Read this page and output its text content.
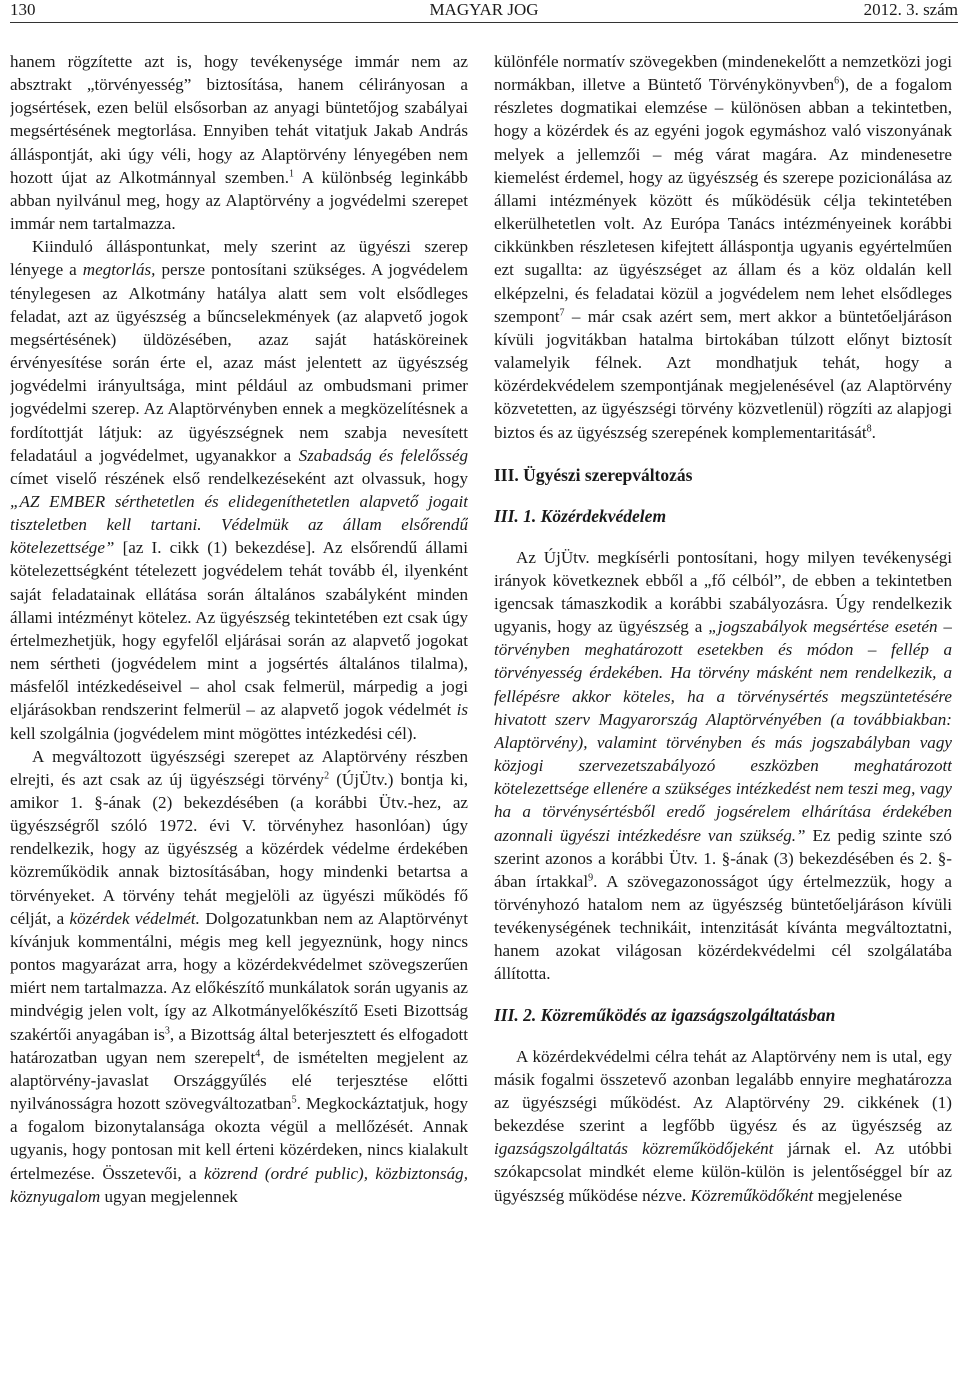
130	MAGYAR JOG	2012. 3. szám

hanem rögzítette azt is, hogy tevékenysége immár nem az absztrakt „törvényesség” biztosítása, hanem célirányosan a jogsértések, ezen belül elsősorban az anyagi büntetőjog szabályai megsértésének megtorlása. Ennyiben tehát vitatjuk Jakab András álláspontját, aki úgy véli, hogy az Alaptörvény lényegében nem hozott újat az Alkotmánnyal szemben.$^1$ A különbség leginkább abban nyilvánul meg, hogy az Alaptörvény a jogvédelmi szerepet immár nem tartalmazza.

Kiinduló álláspontunkat, mely szerint az ügyészi szerep lényege a megtorlás, persze pontosítani szükséges. A jogvédelem ténylegesen az Alkotmány hatálya alatt sem volt elsődleges feladat, azt az ügyészség a bűncselekmények (az alapvető jogok megsértésének) üldözésében, azaz saját hatásköreinek érvényesítése során érte el, azaz mást jelentett az ügyészség jogvédelmi irányultsága, mint például az ombudsmani primer jogvédelmi szerep. Az Alaptörvényben ennek a megközelítésnek a fordítottját látjuk: az ügyészségnek nem szabja nevesített feladatául a jogvédelmet, ugyanakkor a Szabadság és felelősség címet viselő részének első rendelkezéseként azt olvassuk, hogy „AZ EMBER sérthetetlen és elidegeníthetetlen alapvető jogait tiszteletben kell tartani. Védelmük az állam elsőrendű kötelezettsége” [az I. cikk (1) bekezdése]. Az elsőrendű állami kötelezettségként tételezett jogvédelem tehát tovább él, ilyenként saját feladatainak ellátása során általános szabályként minden állami intézményt kötelez. Az ügyészség tekintetében ezt csak úgy értelmezhetjük, hogy egyfelől eljárásai során az alapvető jogokat nem sértheti (jogvédelem mint a jogsértés általános tilalma), másfelől intézkedéseivel – ahol csak felmerül, márpedig a jogi eljárásokban rendszerint felmerül – az alapvető jogok védelmét is kell szolgálnia (jogvédelem mint mögöttes intézkedési cél).

A megváltozott ügyészségi szerepet az Alaptörvény részben elrejti, és azt csak az új ügyészségi törvény$^2$ (ÚjÜtv.) bontja ki, amikor 1. §-ának (2) bekezdésében (a korábbi Ütv.-hez, az ügyészségről szóló 1972. évi V. törvényhez hasonlóan) úgy rendelkezik, hogy az ügyészség a közérdek védelme érdekében közreműködik annak biztosításában, hogy mindenki betartsa a törvényeket. A törvény tehát megjelöli az ügyészi működés fő célját, a közérdek védelmét. Dolgozatunkban nem az Alaptörvényt kívánjuk kommentálni, mégis meg kell jegyeznünk, hogy nincs pontos magyarázat arra, hogy a közérdekvédelmet szövegszerűen miért nem tartalmazza. Az előkészítő munkálatok során ugyanis az mindvégig jelen volt, így az Alkotmányelőkészítő Eseti Bizottság szakértői anyagában $is^3$, a Bizottság által beterjesztett és elfogadott határozatban ugyan nem szerepelt$^4$, de ismételten megjelent az alaptörvény-javaslat Országgyűlés elé terjesztése előtti nyilvánosságra hozott szövegváltozatban$^5$. Megkockáztatjuk, hogy a fogalom bizonytalansága okozta végül a mellőzését. Annak ugyanis, hogy pontosan mit kell érteni közérdeken, nincs kialakult értelmezése. Összetevői, a közrend (ordré public), közbiztonság, köznyugalom ugyan megjelennek

különféle normatív szövegekben (mindenekelőtt a nemzetközi jogi normákban, illetve a Büntető Törvénykönyvben$^6$), de a fogalom részletes dogmatikai elemzése – különösen abban a tekintetben, hogy a közérdek és az egyéni jogok egymáshoz való viszonyának melyek a jellemzői – még várat magára. Az mindenesetre kiemelést érdemel, hogy az ügyészség és szerepe pozicionálása az állami intézmények között és működésük célja tekintetében elkerülhetetlen volt. Az Európa Tanács intézményeinek korábbi cikkünkben részletesen kifejtett álláspontja ugyanis egyértelműen ezt sugallta: az ügyészséget az állam és a köz oldalán kell elképzelni, és feladatai közül a jogvédelem nem lehet elsődleges szempont$^7$ – már csak azért sem, mert akkor a büntetőeljáráson kívüli jogvitákban hatalma birtokában túlzott előnyt biztosít valamelyik félnek. Azt mondhatjuk tehát, hogy a közérdekvédelem szempontjának megjelenésével (az Alaptörvény közvetetten, az ügyészségi törvény közvetlenül) rögzíti az alapjogi biztos és az ügyészség szerepének komplementaritását$^8$.

III. Ügyészi szerepváltozás
III. 1. Közérdekvédelem

Az ÚjÜtv. megkísérli pontosítani, hogy milyen tevékenységi irányok következnek ebből a „fő célból”, de ebben a tekintetben igencsak támaszkodik a korábbi szabályozásra. Úgy rendelkezik ugyanis, hogy az ügyészség a „jogszabályok megsértése esetén – törvényben meghatározott esetekben és módon – fellép a törvényesség érdekében. Ha törvény másként nem rendelkezik, a fellépésre akkor köteles, ha a törvénysértés megszüntetésére hivatott szerv Magyarország Alaptörvényében (a továbbiakban: Alaptörvény), valamint törvényben és más jogszabályban vagy közjogi szervezetszabályozó eszközben meghatározott kötelezettsége ellenére a szükséges intézkedést nem teszi meg, vagy ha a törvénysértésből eredő jogsérelem elhárítása érdekében azonnali ügyészi intézkedésre van szükség.” Ez pedig szinte szó szerint azonos a korábbi Ütv. 1. §-ának (3) bekezdésében és 2. §-ában írtakkal$^9$. A szövegazonosságot úgy értelmezzük, hogy a törvényhozó hatalom nem az ügyészség büntetőeljáráson kívüli tevékenységének technikáit, intenzitását kívánta megváltoztatni, hanem azokat világosan közérdekvédelmi cél szolgálatába állította.

III. 2. Közreműködés az igazságszolgáltatásban

A közérdekvédelmi célra tehát az Alaptörvény nem is utal, egy másik fogalmi összetevő azonban legalább ennyire meghatározza az ügyészségi működést. Az Alaptörvény 29. cikkének (1) bekezdése szerint a legfőbb ügyész és az ügyészség az igazságszolgáltatás közreműködőjeként járnak el. Az utóbbi szókapcsolat mindkét eleme külön-külön is jelentőséggel bír az ügyészség működése nézve. Közreműködőként megjelenése
